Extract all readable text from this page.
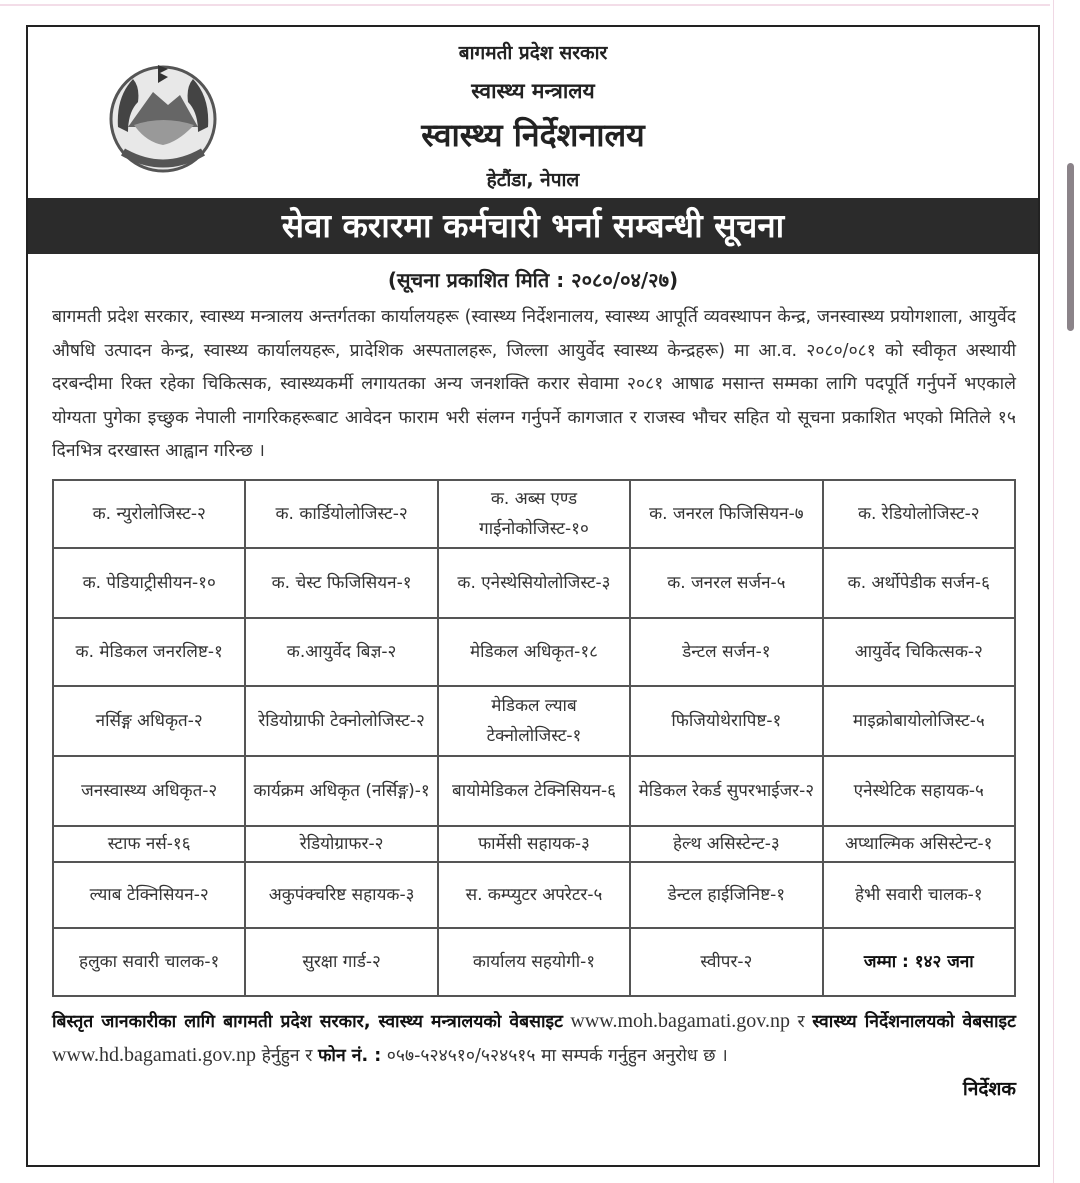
बागमती प्रदेश सरकार
स्वास्थ्य मन्त्रालय
स्वास्थ्य निर्देशनालय
हेटौंडा, नेपाल
सेवा करारमा कर्मचारी भर्ना सम्बन्धी सूचना
(सूचना प्रकाशित मिति : २०८०/०४/२७)
बागमती प्रदेश सरकार, स्वास्थ्य मन्त्रालय अन्तर्गतका कार्यालयहरू (स्वास्थ्य निर्देशनालय, स्वास्थ्य आपूर्ति व्यवस्थापन केन्द्र, जनस्वास्थ्य प्रयोगशाला, आयुर्वेद औषधि उत्पादन केन्द्र, स्वास्थ्य कार्यालयहरू, प्रादेशिक अस्पतालहरू, जिल्ला आयुर्वेद स्वास्थ्य केन्द्रहरू) मा आ.व. २०८०/०८१ को स्वीकृत अस्थायी दरबन्दीमा रिक्त रहेका चिकित्सक, स्वास्थ्यकर्मी लगायतका अन्य जनशक्ति करार सेवामा २०८१ आषाढ मसान्त सम्मका लागि पदपूर्ति गर्नुपर्ने भएकाले योग्यता पुगेका इच्छुक नेपाली नागरिकहरूबाट आवेदन फाराम भरी संलग्न गर्नुपर्ने कागजात र राजस्व भौचर सहित यो सूचना प्रकाशित भएको मितिले १५ दिनभित्र दरखास्त आह्वान गरिन्छ ।
क. न्युरोलोजिस्ट-२	क. कार्डियोलोजिस्ट-२	क. अब्स एण्ड गाईनोकोजिस्ट-१०	क. जनरल फिजिसियन-७	क. रेडियोलोजिस्ट-२
क. पेडियाट्रीसीयन-१०	क. चेस्ट फिजिसियन-१	क. एनेस्थेसियोलोजिस्ट-३	क. जनरल सर्जन-५	क. अर्थोपेडीक सर्जन-६
क. मेडिकल जनरलिष्ट-१	क.आयुर्वेद बिज्ञ-२	मेडिकल अधिकृत-१८	डेन्टल सर्जन-१	आयुर्वेद चिकित्सक-२
नर्सिङ्ग अधिकृत-२	रेडियोग्राफी टेक्नोलोजिस्ट-२	मेडिकल ल्याब टेक्नोलोजिस्ट-१	फिजियोथेरापिष्ट-१	माइक्रोबायोलोजिस्ट-५
जनस्वास्थ्य अधिकृत-२	कार्यक्रम अधिकृत (नर्सिङ्ग)-१	बायोमेडिकल टेक्निसियन-६	मेडिकल रेकर्ड सुपरभाईजर-२	एनेस्थेटिक सहायक-५
स्टाफ नर्स-१६	रेडियोग्राफर-२	फार्मेसी सहायक-३	हेल्थ असिस्टेन्ट-३	अप्थाल्मिक असिस्टेन्ट-१
ल्याब टेक्निसियन-२	अकुपंक्चरिष्ट सहायक-३	स. कम्प्युटर अपरेटर-५	डेन्टल हाईजिनिष्ट-१	हेभी सवारी चालक-१
हलुका सवारी चालक-१	सुरक्षा गार्ड-२	कार्यालय सहयोगी-१	स्वीपर-२	जम्मा : १४२ जना
बिस्तृत जानकारीका लागि बागमती प्रदेश सरकार, स्वास्थ्य मन्त्रालयको वेबसाइट www.moh.bagamati.gov.np र स्वास्थ्य निर्देशनालयको वेबसाइट www.hd.bagamati.gov.np हेर्नुहुन र फोन नं. : ०५७-५२४५१०/५२४५१५ मा सम्पर्क गर्नुहुन अनुरोध छ ।
निर्देशक
